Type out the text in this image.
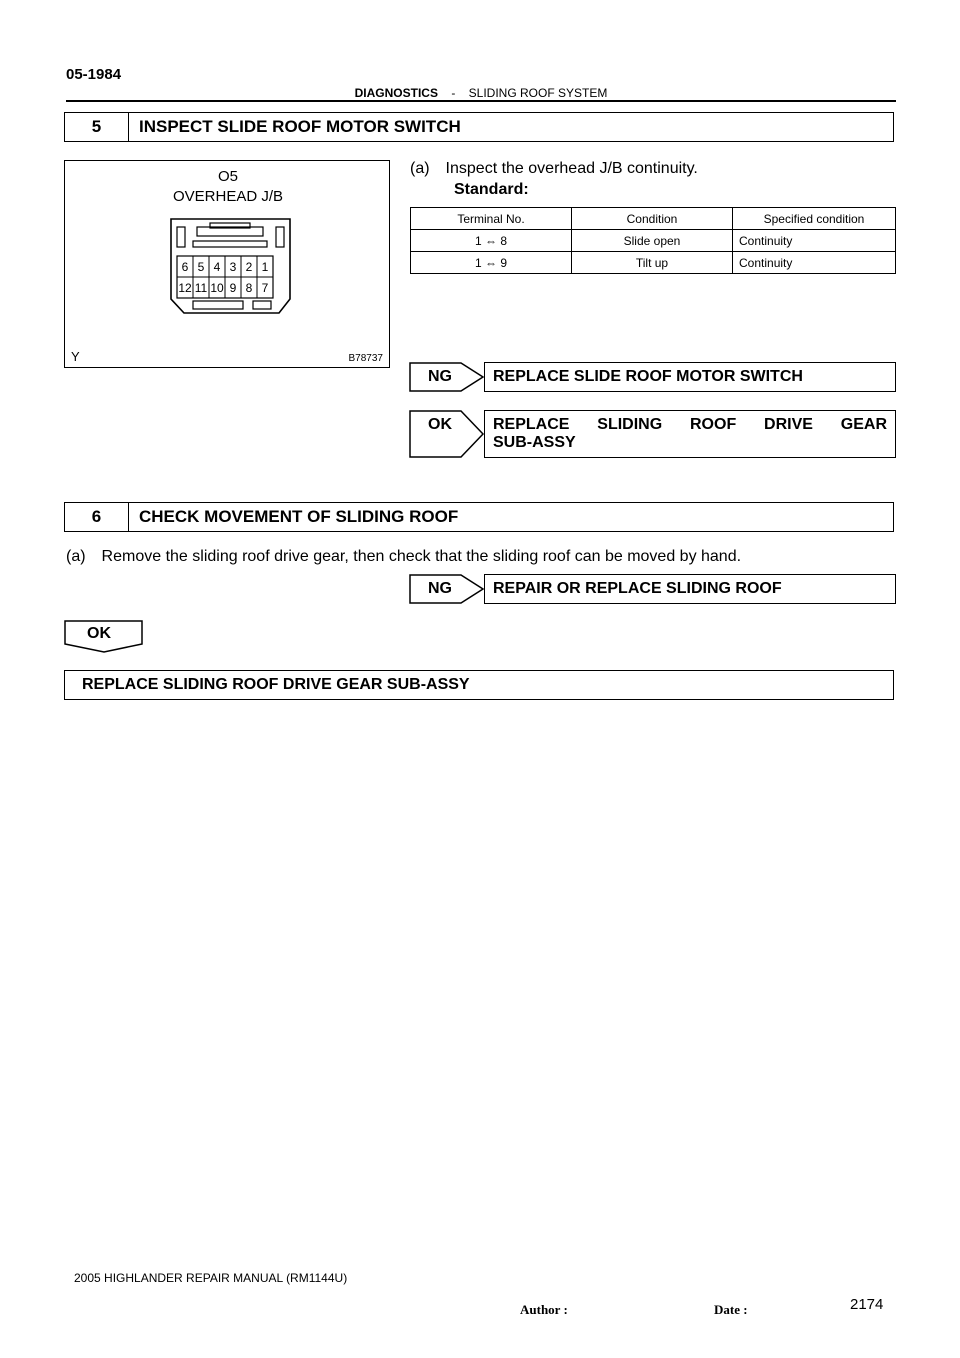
05-1984
DIAGNOSTICS - SLIDING ROOF SYSTEM
5	INSPECT SLIDE ROOF MOTOR SWITCH
O5
OVERHEAD J/B
6 5 4 3 2 1
12 11 10 9 8 7
Y	B78737
(a) Inspect the overhead J/B continuity.
Standard:
Terminal No.	Condition	Specified condition
1 ⇔ 8	Slide open	Continuity
1 ⇔ 9	Tilt up	Continuity
NG	REPLACE SLIDE ROOF MOTOR SWITCH
OK	REPLACE SLIDING ROOF DRIVE GEAR
SUB-ASSY
6	CHECK MOVEMENT OF SLIDING ROOF
(a) Remove the sliding roof drive gear, then check that the sliding roof can be moved by hand.
NG	REPAIR OR REPLACE SLIDING ROOF
OK
REPLACE SLIDING ROOF DRIVE GEAR SUB-ASSY
2005 HIGHLANDER REPAIR MANUAL (RM1144U)
Author :	Date :	2174
